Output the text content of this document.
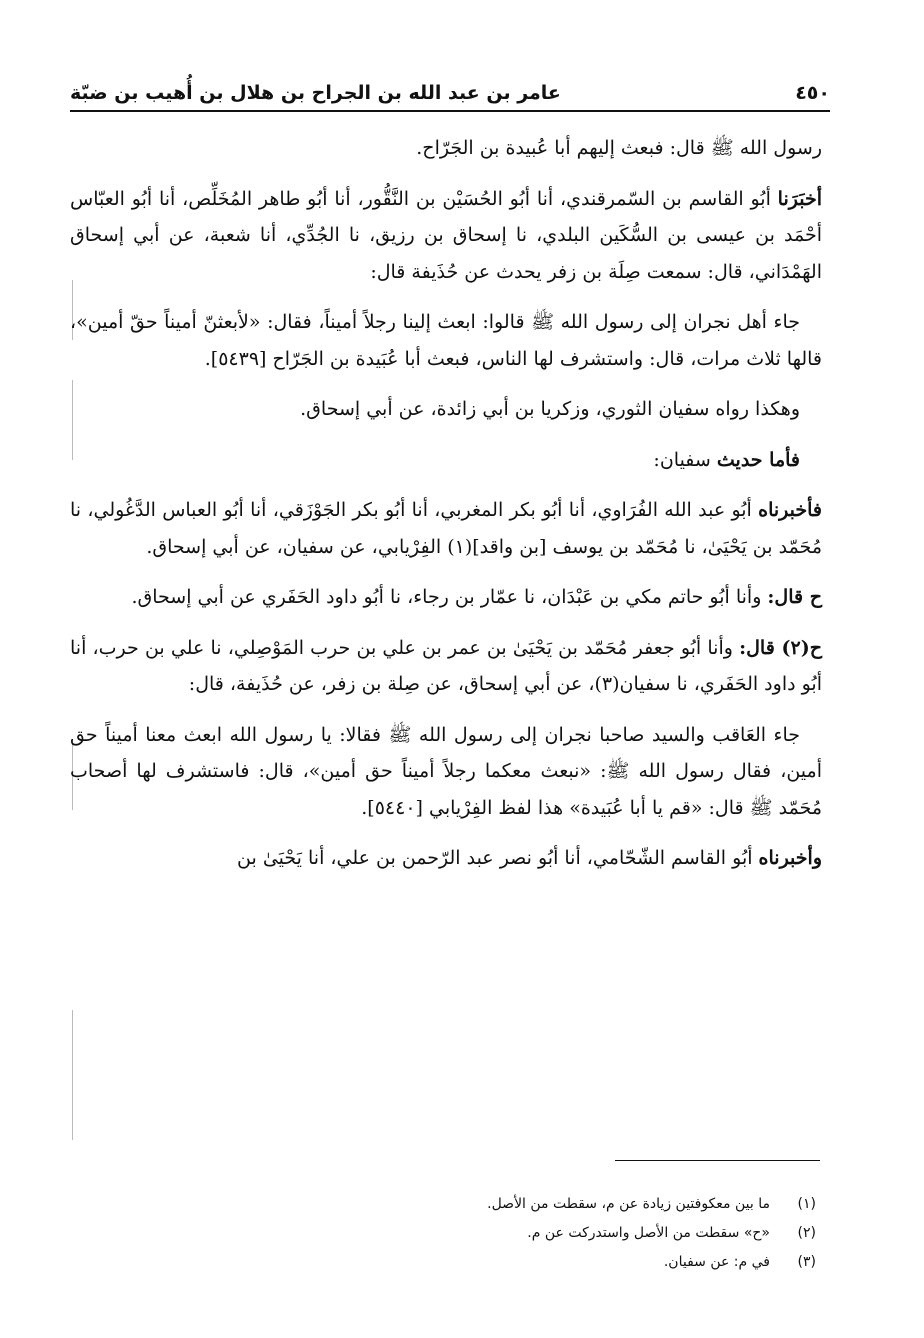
٤٥٠
عامر بن عبد الله بن الجراح بن هلال بن أُهيب بن ضبّة

رسول الله ﷺ قال: فبعث إليهم أبا عُبيدة بن الجَرّاح.

أخبَرَنا أبُو القاسم بن السّمرقندي، أنا أبُو الحُسَيْن بن النَّقُّور، أنا أبُو طاهر المُخَلِّص، أنا أبُو العبّاس أحْمَد بن عيسى بن السُّكَين البلدي، نا إسحاق بن رزيق، نا الجُدِّي، أنا شعبة، عن أبي إسحاق الهَمْدَاني، قال: سمعت صِلَة بن زفر يحدث عن حُذَيفة قال:

جاء أهل نجران إلى رسول الله ﷺ قالوا: ابعث إلينا رجلاً أميناً، فقال: «لأبعثنّ أميناً حقّ أمين»، قالها ثلاث مرات، قال: واستشرف لها الناس، فبعث أبا عُبَيدة بن الجَرّاح [٥٤٣٩].

وهكذا رواه سفيان الثوري، وزكريا بن أبي زائدة، عن أبي إسحاق.

فأما حديث سفيان:

فأخبرناه أبُو عبد الله الفُرَاوي، أنا أبُو بكر المغربي، أنا أبُو بكر الجَوْزَقي، أنا أبُو العباس الدَّغُولي، نا مُحَمّد بن يَحْيَىٰ، نا مُحَمّد بن يوسف [بن واقد](١) الفِرْيابي، عن سفيان، عن أبي إسحاق.

ح قال: وأنا أبُو حاتم مكي بن عَبْدَان، نا عمّار بن رجاء، نا أبُو داود الحَفَري عن أبي إسحاق.

ح(٢) قال: وأنا أبُو جعفر مُحَمّد بن يَحْيَىٰ بن عمر بن علي بن حرب المَوْصِلي، نا علي بن حرب، أنا أبُو داود الحَفَري، نا سفيان(٣)، عن أبي إسحاق، عن صِلة بن زفر، عن حُذَيفة، قال:

جاء العَاقب والسيد صاحبا نجران إلى رسول الله ﷺ فقالا: يا رسول الله ابعث معنا أميناً حق أمين، فقال رسول الله ﷺ: «نبعث معكما رجلاً أميناً حق أمين»، قال: فاستشرف لها أصحاب مُحَمّد ﷺ قال: «قم يا أبا عُبَيدة» هذا لفظ الفِرْيابي [٥٤٤٠].

وأخبرناه أبُو القاسم الشّحّامي، أنا أبُو نصر عبد الرّحمن بن علي، أنا يَحْيَىٰ بن

(١)
ما بين معكوفتين زيادة عن م، سقطت من الأصل.
(٢)
«ح» سقطت من الأصل واستدركت عن م.
(٣)
في م: عن سفيان.
